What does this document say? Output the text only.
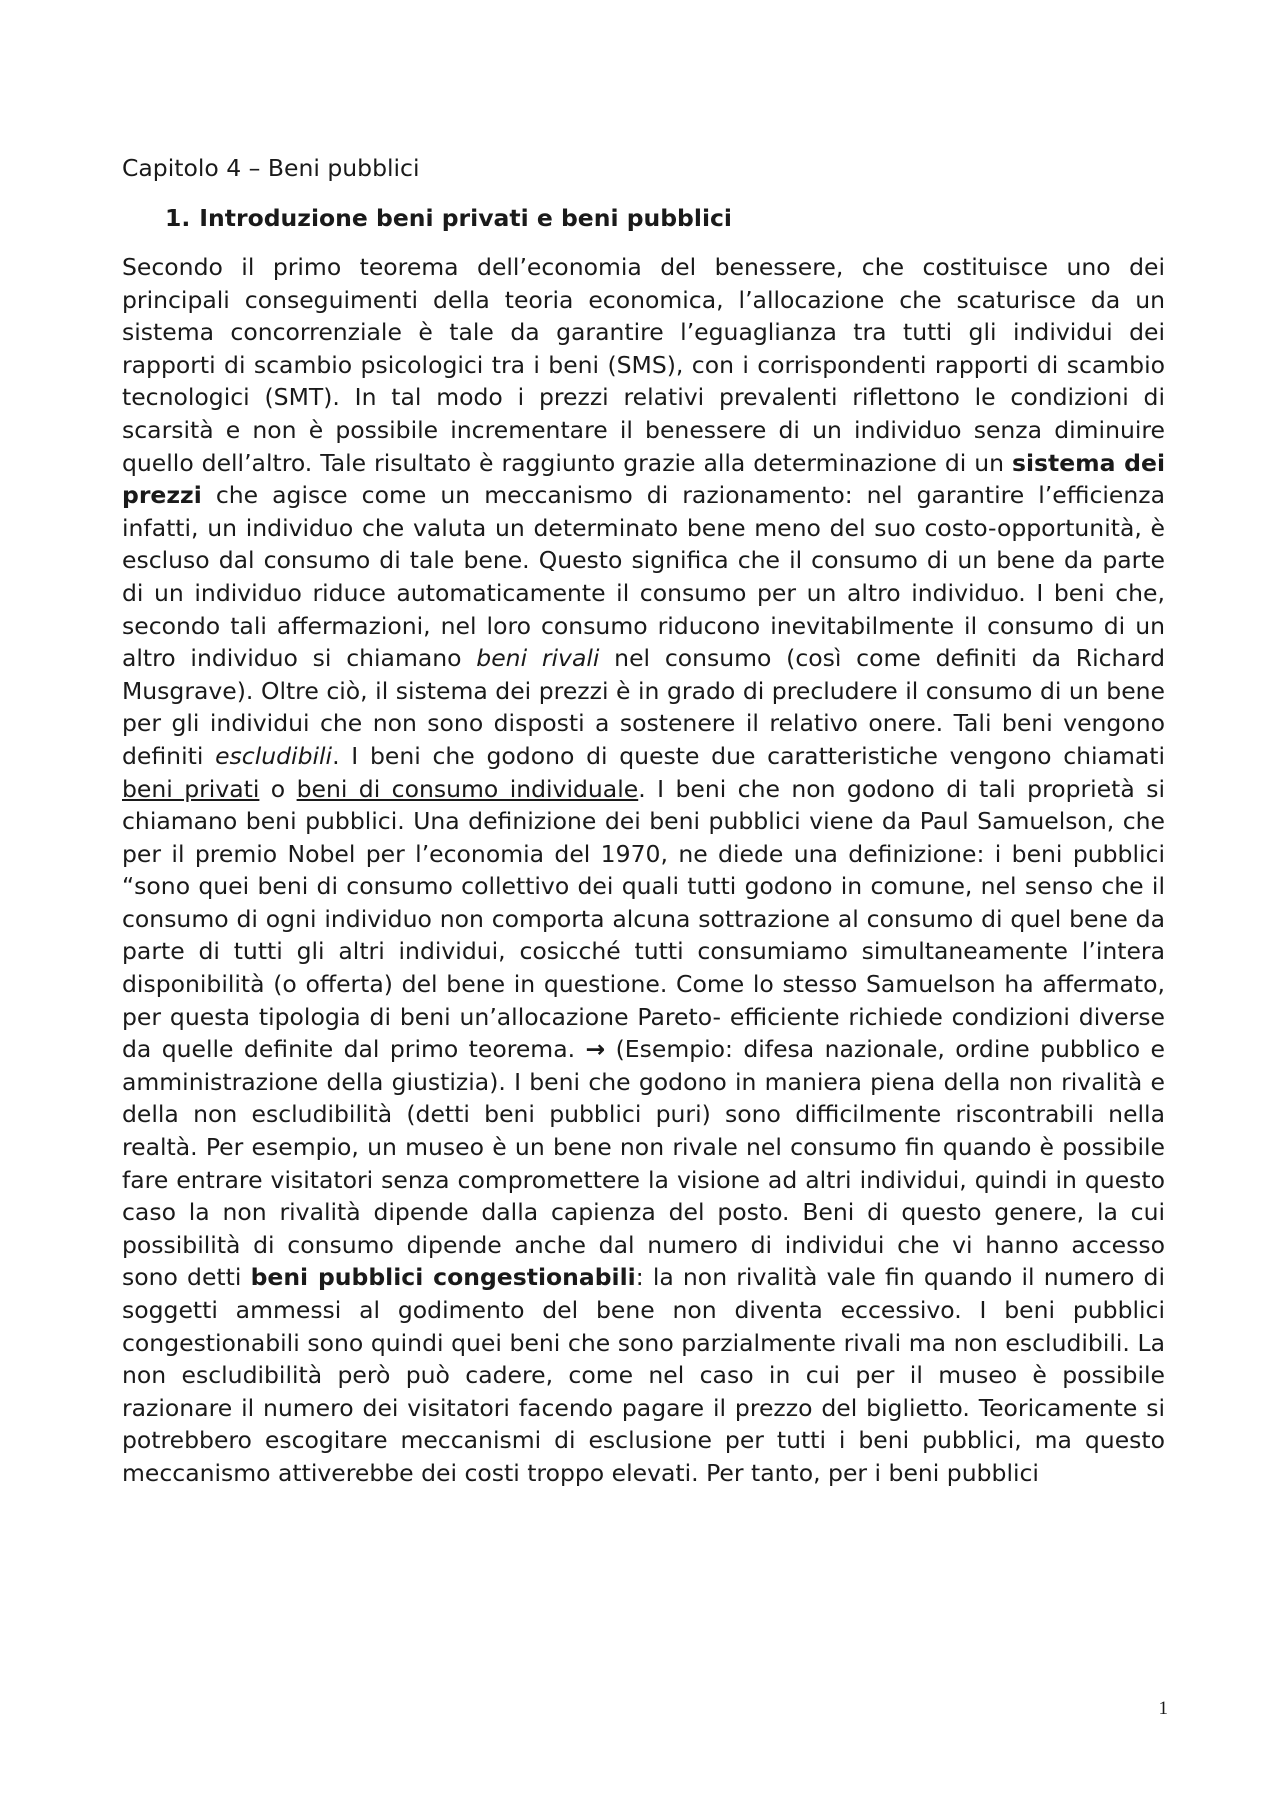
Capitolo 4 – Beni pubblici
1. Introduzione beni privati e beni pubblici

Secondo il primo teorema dell’economia del benessere, che costituisce uno dei principali conseguimenti della teoria economica, l’allocazione che scaturisce da un sistema concorrenziale è tale da garantire l’eguaglianza tra tutti gli individui dei rapporti di scambio psicologici tra i beni (SMS), con i corrispondenti rapporti di scambio tecnologici (SMT). In tal modo i prezzi relativi prevalenti riflettono le condizioni di scarsità e non è possibile incrementare il benessere di un individuo senza diminuire quello dell’altro. Tale risultato è raggiunto grazie alla determinazione di un sistema dei prezzi che agisce come un meccanismo di razionamento: nel garantire l’efficienza infatti, un individuo che valuta un determinato bene meno del suo costo-opportunità, è escluso dal consumo di tale bene. Questo significa che il consumo di un bene da parte di un individuo riduce automaticamente il consumo per un altro individuo. I beni che, secondo tali affermazioni, nel loro consumo riducono inevitabilmente il consumo di un altro individuo si chiamano beni rivali nel consumo (così come definiti da Richard Musgrave). Oltre ciò, il sistema dei prezzi è in grado di precludere il consumo di un bene per gli individui che non sono disposti a sostenere il relativo onere. Tali beni vengono definiti escludibili. I beni che godono di queste due caratteristiche vengono chiamati beni privati o beni di consumo individuale. I beni che non godono di tali proprietà si chiamano beni pubblici. Una definizione dei beni pubblici viene da Paul Samuelson, che per il premio Nobel per l’economia del 1970, ne diede una definizione: i beni pubblici “sono quei beni di consumo collettivo dei quali tutti godono in comune, nel senso che il consumo di ogni individuo non comporta alcuna sottrazione al consumo di quel bene da parte di tutti gli altri individui, cosicché tutti consumiamo simultaneamente l’intera disponibilità (o offerta) del bene in questione. Come lo stesso Samuelson ha affermato, per questa tipologia di beni un’allocazione Pareto- efficiente richiede condizioni diverse da quelle definite dal primo teorema. → (Esempio: difesa nazionale, ordine pubblico e amministrazione della giustizia). I beni che godono in maniera piena della non rivalità e della non escludibilità (detti beni pubblici puri) sono difficilmente riscontrabili nella realtà. Per esempio, un museo è un bene non rivale nel consumo fin quando è possibile fare entrare visitatori senza compromettere la visione ad altri individui, quindi in questo caso la non rivalità dipende dalla capienza del posto. Beni di questo genere, la cui possibilità di consumo dipende anche dal numero di individui che vi hanno accesso sono detti beni pubblici congestionabili: la non rivalità vale fin quando il numero di soggetti ammessi al godimento del bene non diventa eccessivo. I beni pubblici congestionabili sono quindi quei beni che sono parzialmente rivali ma non escludibili. La non escludibilità però può cadere, come nel caso in cui per il museo è possibile razionare il numero dei visitatori facendo pagare il prezzo del biglietto. Teoricamente si potrebbero escogitare meccanismi di esclusione per tutti i beni pubblici, ma questo meccanismo attiverebbe dei costi troppo elevati. Per tanto, per i beni pubblici

1
